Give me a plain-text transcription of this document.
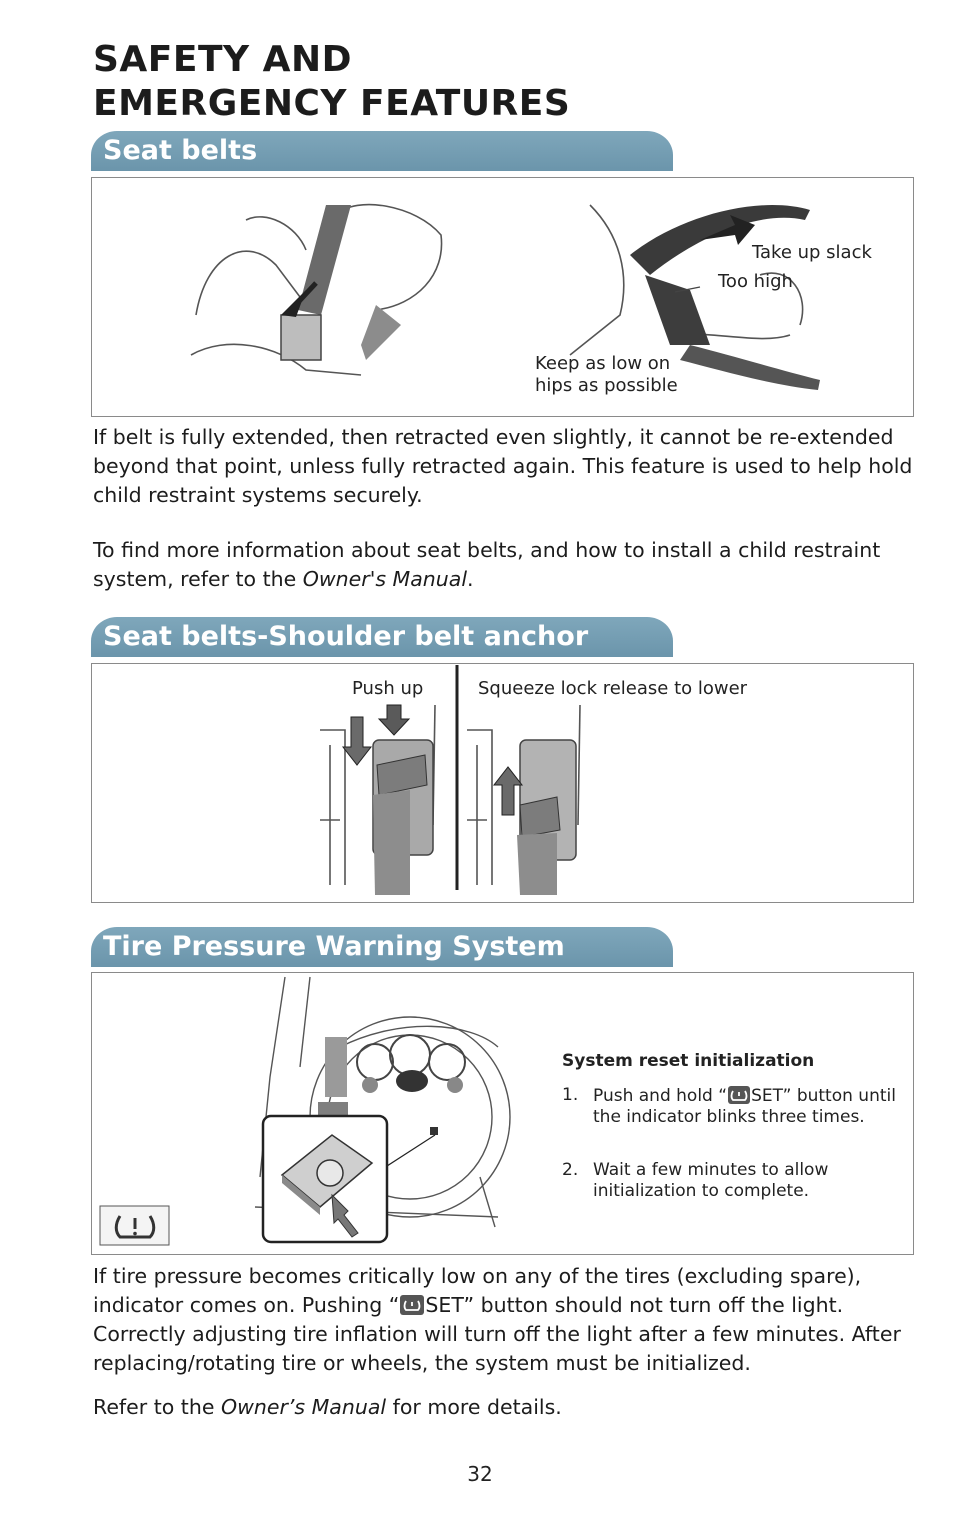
SAFETY AND
EMERGENCY FEATURES
Seat belts
Take up slack
Too high
Keep as low on
hips as possible

If belt is fully extended, then retracted even slightly, it cannot be re-extended beyond that point, unless fully retracted again. This feature is used to help hold child restraint systems securely.

To find more information about seat belts, and how to install a child restraint system, refer to the Owner's Manual.

Seat belts-Shoulder belt anchor
Push up	Squeeze lock release to lower
Tire Pressure Warning System
System reset initialization
1. Push and hold “ SET” button until the indicator blinks three times.
2. Wait a few minutes to allow initialization to complete.

If tire pressure becomes critically low on any of the tires (excluding spare), indicator comes on. Pushing “ SET” button should not turn off the light. Correctly adjusting tire inflation will turn off the light after a few minutes. After replacing/rotating tire or wheels, the system must be initialized.

Refer to the Owner’s Manual for more details.

32
